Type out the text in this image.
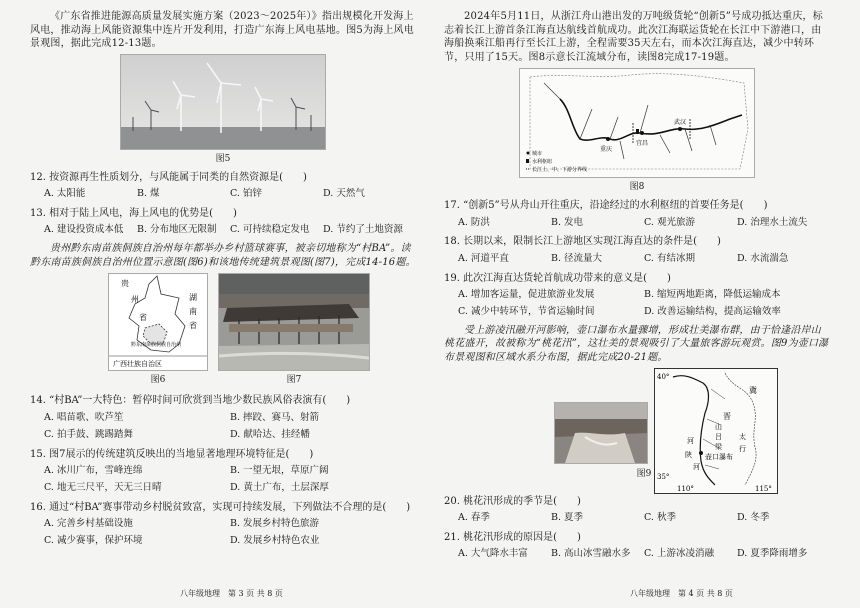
《广东省推进能源高质量发展实施方案（2023～2025年）》指出规模化开发海上风电，推动海上风能资源集中连片开发利用，打造广东海上风电基地。图5为海上风电景观图，据此完成12-13题。

图5

12. 按资源再生性质划分，与风能属于同类的自然资源是(　　)

A. 太阳能	B. 煤	C. 铂锌	D. 天然气

13. 相对于陆上风电，海上风电的优势是(　　)

A. 建设投资成本低	B. 分布地区无限制	C. 可持续稳定发电	D. 节约了土地资源

贵州黔东南苗族侗族自治州每年都举办乡村篮球赛事，被亲切地称为“村BA”。读黔东南苗族侗族自治州位置示意图(图6)和该地传统建筑景观图(图7)，完成14-16题。

贵
州
省
湖
南
省
黔东南苗族侗族自治州
广西壮族自治区
图6	图7

14. “村BA”一大特色：暂停时间可欣赏到当地少数民族风俗表演有(　　)

A. 唱苗歌、吹芦笙	B. 摔跤、赛马、射箭
C. 拍手鼓、跳踢踏舞	D. 献哈达、挂经幡

15. 图7展示的传统建筑反映出的当地显著地理环境特征是(　　)

A. 冰川广布，雪峰连绵	B. 一望无垠，草原广阔
C. 地无三尺平，天无三日晴	D. 黄土广布，土层深厚

16. 通过“村BA”赛事带动乡村脱贫致富，实现可持续发展，下列做法不合理的是(　　)

A. 完善乡村基础设施	B. 发展乡村特色旅游
C. 减少赛事，保护环境	D. 发展乡村特色农业
八年级地理　第 3 页 共 8 页

2024年5月11日，从浙江舟山港出发的万吨级货轮“创新5”号成功抵达重庆，标志着长江上游首条江海直达航线首航成功。此次江海联运货轮在长江中下游港口，由海船换乘江船再行至长江上游，全程需要35天左右，而本次江海直达，减少中转环节，只用了15天。图8示意长江流域分布，读图8完成17-19题。

重庆
宜昌
武汉
城市
水利枢纽
长江上、中、下游分界线
图8

17. “创新5”号从舟山开往重庆，沿途经过的水利枢纽的首要任务是(　　)

A. 防洪	B. 发电	C. 观光旅游	D. 治理水土流失

18. 长期以来，限制长江上游地区实现江海直达的条件是(　　)

A. 河道平直	B. 径流量大	C. 有结冰期	D. 水流湍急

19. 此次江海直达货轮首航成功带来的意义是(　　)

A. 增加客运量，促进旅游业发展	B. 缩短两地距离，降低运输成本
C. 减少中转环节，节省运输时间	D. 改善运输结构，提高运输效率

受上游凌汛融开河影响，壶口瀑布水量骤增，形成壮美瀑布群，由于恰逢沿岸山桃花盛开，故被称为“桃花汛”，这壮美的景观吸引了大量旅客游玩观赏。图9为壶口瀑布景观图和区域水系分布图，据此完成20-21题。

冀
晋
山
吕
梁
河
陕 壶口瀑布
太
行
河
40°
35°
110°	115°
图9

20. 桃花汛形成的季节是(　　)

A. 春季	B. 夏季	C. 秋季	D. 冬季

21. 桃花汛形成的原因是(　　)

A. 大气降水丰富	B. 高山冰雪融水多	C. 上游冰凌消融	D. 夏季降雨增多
八年级地理　第 4 页 共 8 页
